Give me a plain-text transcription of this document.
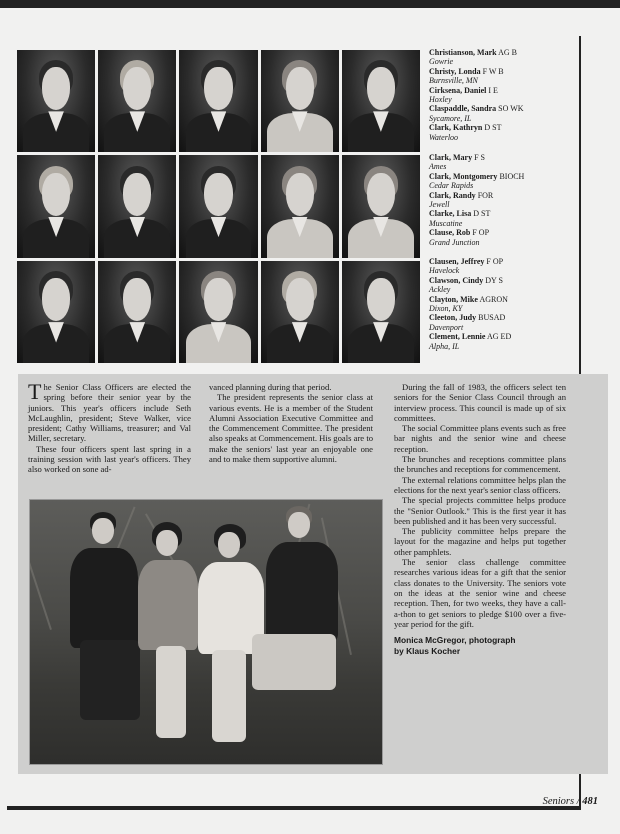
Christianson, Mark AG B
Gowrie
Christy, Londa F W B
Burnsville, MN
Cirksena, Daniel I E
Hoxley
Claspaddle, Sandra SO WK
Sycamore, IL
Clark, Kathryn D ST
Waterloo
Clark, Mary F S
Ames
Clark, Montgomery BIOCH
Cedar Rapids
Clark, Randy FOR
Jewell
Clarke, Lisa D ST
Muscatine
Clause, Rob F OP
Grand Junction
Clausen, Jeffrey F OP
Havelock
Clawson, Cindy DY S
Ackley
Clayton, Mike AGRON
Dixon, KY
Cleeton, Judy BUSAD
Davenport
Clement, Lennie AG ED
Alpha, IL

The Senior Class Officers are elected the spring before their senior year by the juniors. This year's officers include Seth McLaughlin, president; Steve Walker, vice president; Cathy Williams, treasurer; and Val Miller, secretary.

These four officers spent last spring in a training session with last year's officers. They also worked on sone ad-

vanced planning during that period.

The president represents the senior class at various events. He is a member of the Student Alumni Association Executive Committee and the Commencement Committee. The president also speaks at Commencement. His goals are to make the seniors' last year an enjoyable one and to make them supportive alumni.

During the fall of 1983, the officers select ten seniors for the Senior Class Council through an interview process. This council is made up of six committees.

The social Committee plans events such as free bar nights and the senior wine and cheese reception.

The brunches and receptions committee plans the brunches and receptions for commencement.

The external relations committee helps plan the elections for the next year's senior class officers.

The special projects committee helps produce the "Senior Outlook." This is the first year it has been published and it has been very successful.

The publicity committee helps prepare the layout for the magazine and helps put together other pamphlets.

The senior class challenge committee researches various ideas for a gift that the senior class donates to the University. The seniors vote on the ideas at the senior wine and cheese reception. Then, for two weeks, they have a call-a-thon to get seniors to pledge $100 over a five-year period for the gift.

Monica McGregor, photograph
by Klaus Kocher
Seniors / 481
